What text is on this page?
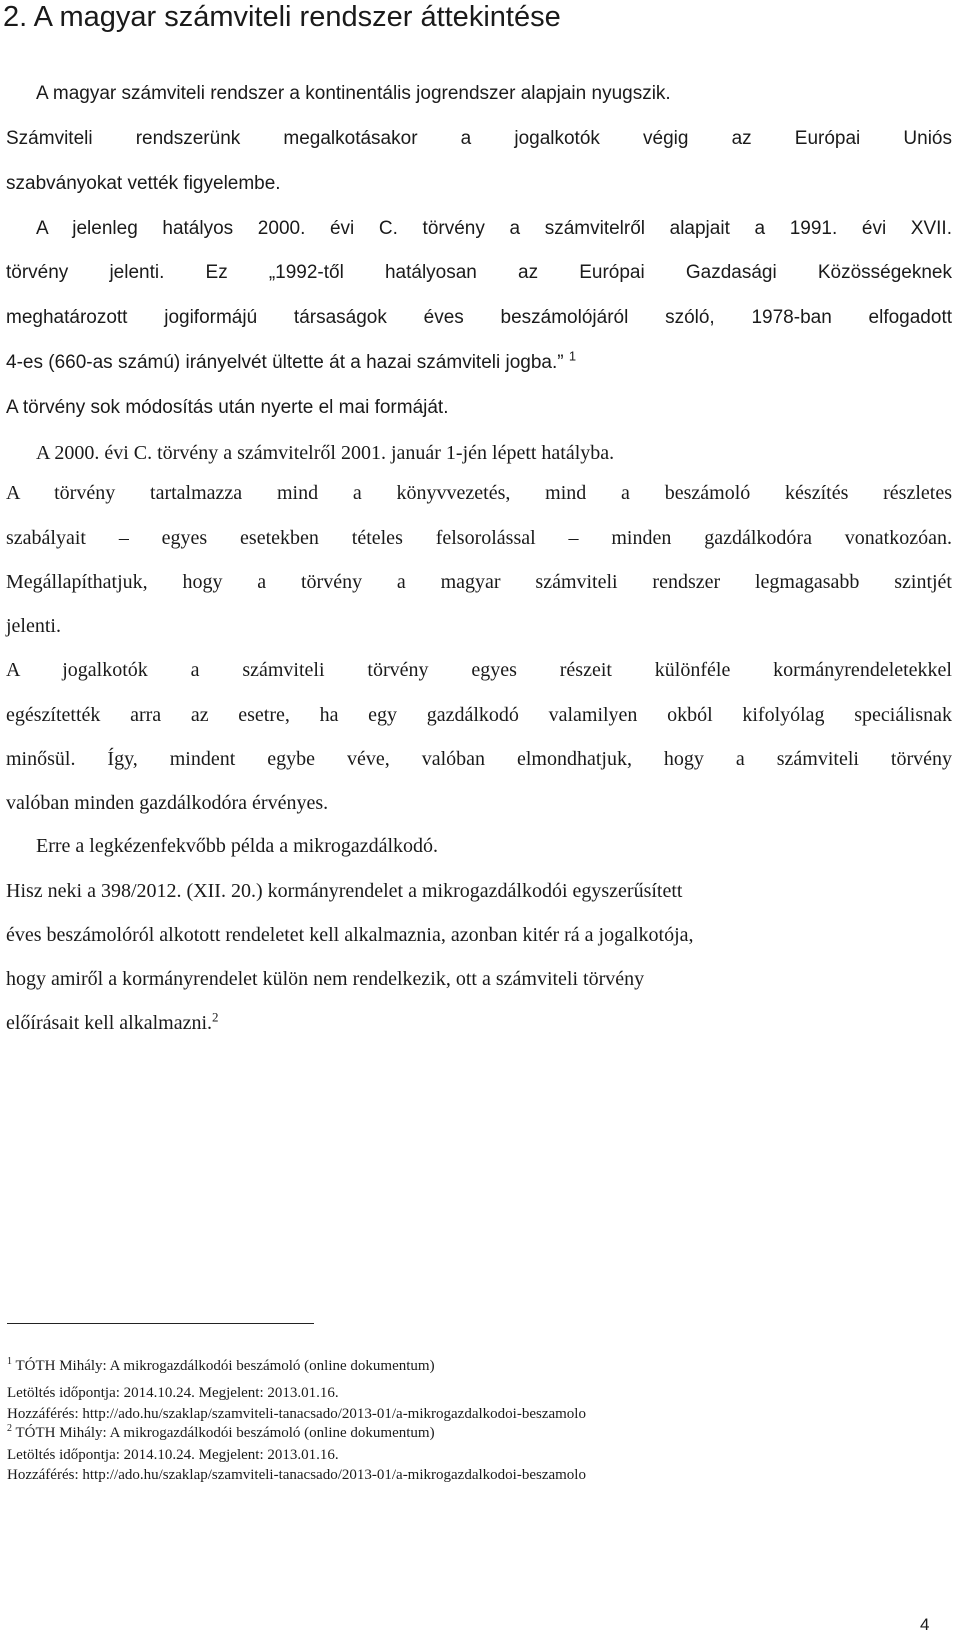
2. A magyar számviteli rendszer áttekintése

A magyar számviteli rendszer a kontinentális jogrendszer alapjain nyugszik.

Számviteli rendszerünk megalkotásakor a jogalkotók végig az Európai Uniós

szabványokat vették figyelembe.

A jelenleg hatályos 2000. évi C. törvény a számvitelről alapjait a 1991. évi XVII.

törvény jelenti. Ez „1992-től hatályosan az Európai Gazdasági Közösségeknek

meghatározott jogiformájú társaságok éves beszámolójáról szóló, 1978-ban elfogadott

4-es (660-as számú) irányelvét ültette át a hazai számviteli jogba.” $^1$

A törvény sok módosítás után nyerte el mai formáját.

A 2000. évi C. törvény a számvitelről 2001. január 1-jén lépett hatályba.

A törvény tartalmazza mind a könyvvezetés, mind a beszámoló készítés részletes

szabályait – egyes esetekben tételes felsorolással – minden gazdálkodóra vonatkozóan.

Megállapíthatjuk, hogy a törvény a magyar számviteli rendszer legmagasabb szintjét

jelenti.

A jogalkotók a számviteli törvény egyes részeit különféle kormányrendeletekkel

egészítették arra az esetre, ha egy gazdálkodó valamilyen okból kifolyólag speciálisnak

minősül. Így, mindent egybe véve, valóban elmondhatjuk, hogy a számviteli törvény

valóban minden gazdálkodóra érvényes.

Erre a legkézenfekvőbb példa a mikrogazdálkodó.

Hisz neki a 398/2012. (XII. 20.) kormányrendelet a mikrogazdálkodói egyszerűsített

éves beszámolóról alkotott rendeletet kell alkalmaznia, azonban kitér rá a jogalkotója,

hogy amiről a kormányrendelet külön nem rendelkezik, ott a számviteli törvény

előírásait kell alkalmazni.$^2$

$^1$ TÓTH Mihály: A mikrogazdálkodói beszámoló (online dokumentum)

Letöltés időpontja: 2014.10.24. Megjelent: 2013.01.16.

Hozzáférés: http://ado.hu/szaklap/szamviteli-tanacsado/2013-01/a-mikrogazdalkodoi-beszamolo

$^2$ TÓTH Mihály: A mikrogazdálkodói beszámoló (online dokumentum)

Letöltés időpontja: 2014.10.24. Megjelent: 2013.01.16.

Hozzáférés: http://ado.hu/szaklap/szamviteli-tanacsado/2013-01/a-mikrogazdalkodoi-beszamolo

4
